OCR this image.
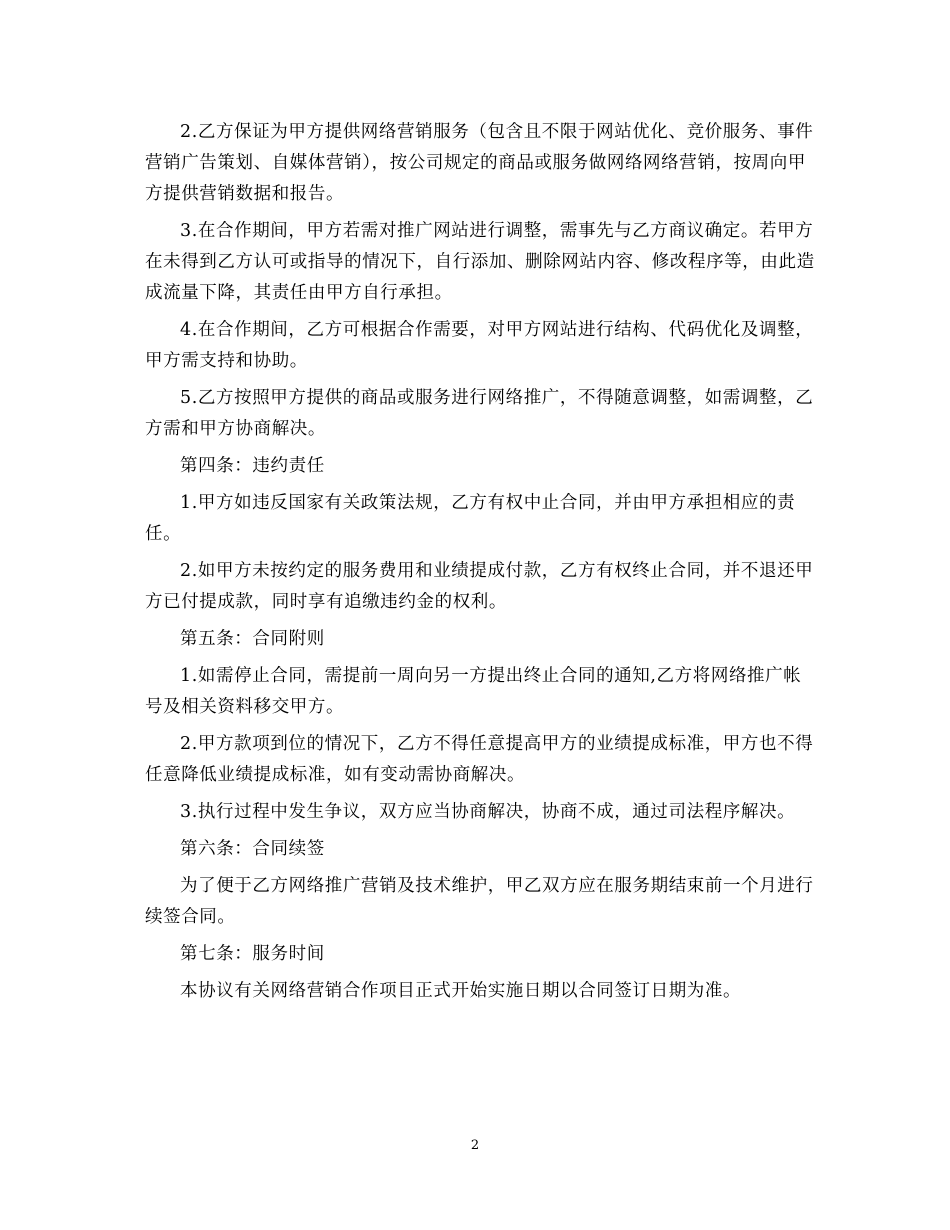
2.乙方保证为甲方提供网络营销服务（包含且不限于网站优化、竞价服务、事件营销广告策划、自媒体营销），按公司规定的商品或服务做网络网络营销，按周向甲方提供营销数据和报告。

3.在合作期间，甲方若需对推广网站进行调整，需事先与乙方商议确定。若甲方在未得到乙方认可或指导的情况下，自行添加、删除网站内容、修改程序等，由此造成流量下降，其责任由甲方自行承担。

4.在合作期间，乙方可根据合作需要，对甲方网站进行结构、代码优化及调整，甲方需支持和协助。

5.乙方按照甲方提供的商品或服务进行网络推广，不得随意调整，如需调整，乙方需和甲方协商解决。

第四条：违约责任

1.甲方如违反国家有关政策法规，乙方有权中止合同，并由甲方承担相应的责任。

2.如甲方未按约定的服务费用和业绩提成付款，乙方有权终止合同，并不退还甲方已付提成款，同时享有追缴违约金的权利。

第五条：合同附则

1.如需停止合同，需提前一周向另一方提出终止合同的通知,乙方将网络推广帐号及相关资料移交甲方。

2.甲方款项到位的情况下，乙方不得任意提高甲方的业绩提成标准，甲方也不得任意降低业绩提成标准，如有变动需协商解决。

3.执行过程中发生争议，双方应当协商解决，协商不成，通过司法程序解决。

第六条：合同续签

为了便于乙方网络推广营销及技术维护，甲乙双方应在服务期结束前一个月进行续签合同。

第七条：服务时间

本协议有关网络营销合作项目正式开始实施日期以合同签订日期为准。

2
